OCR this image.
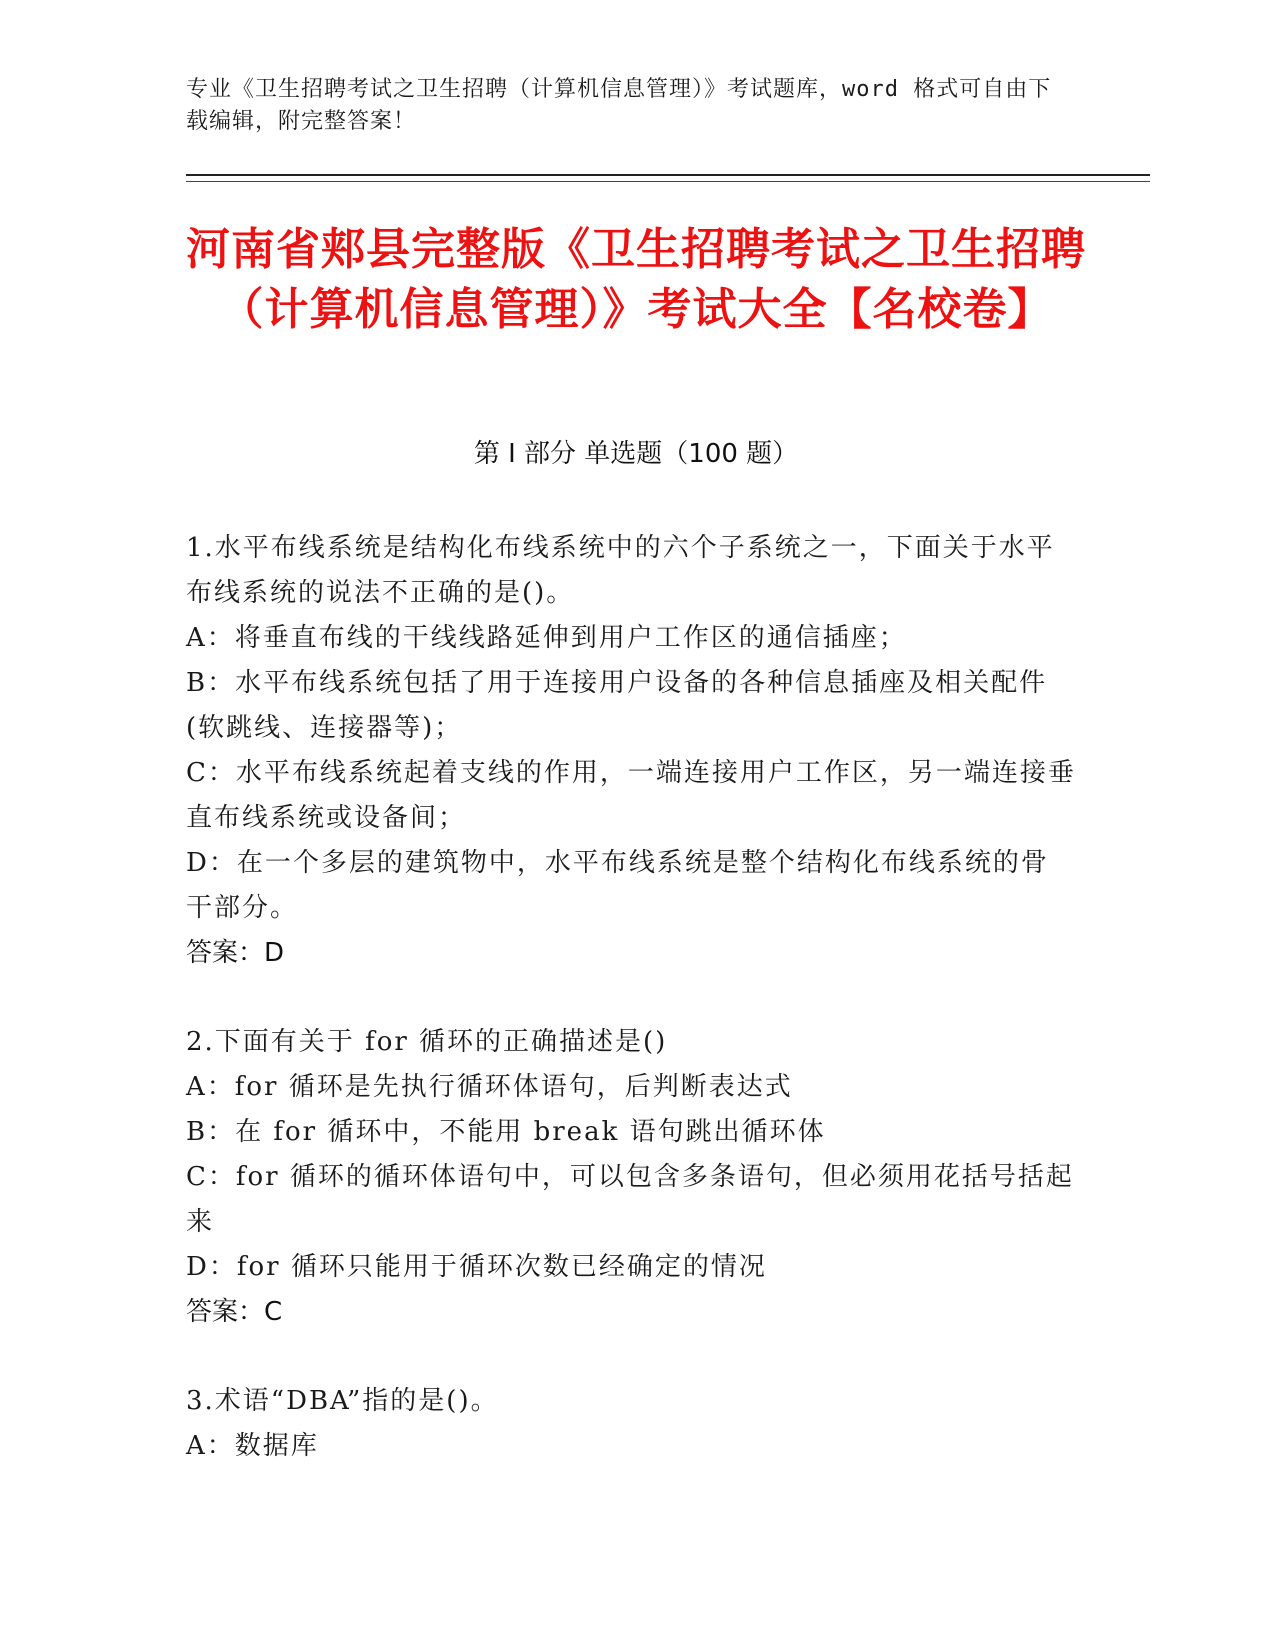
专业《卫生招聘考试之卫生招聘（计算机信息管理）》考试题库，word 格式可自由下载编辑，附完整答案！
河南省郏县完整版《卫生招聘考试之卫生招聘（计算机信息管理）》考试大全【名校卷】
第 I 部分 单选题（100 题）

1.水平布线系统是结构化布线系统中的六个子系统之一，下面关于水平布线系统的说法不正确的是()。

A：将垂直布线的干线线路延伸到用户工作区的通信插座；

B：水平布线系统包括了用于连接用户设备的各种信息插座及相关配件(软跳线、连接器等)；

C：水平布线系统起着支线的作用，一端连接用户工作区，另一端连接垂直布线系统或设备间；

D：在一个多层的建筑物中，水平布线系统是整个结构化布线系统的骨干部分。

答案：D

2.下面有关于 for 循环的正确描述是()

A：for 循环是先执行循环体语句，后判断表达式

B：在 for 循环中，不能用 break 语句跳出循环体

C：for 循环的循环体语句中，可以包含多条语句，但必须用花括号括起来

D：for 循环只能用于循环次数已经确定的情况

答案：C

3.术语“DBA”指的是()。

A：数据库
